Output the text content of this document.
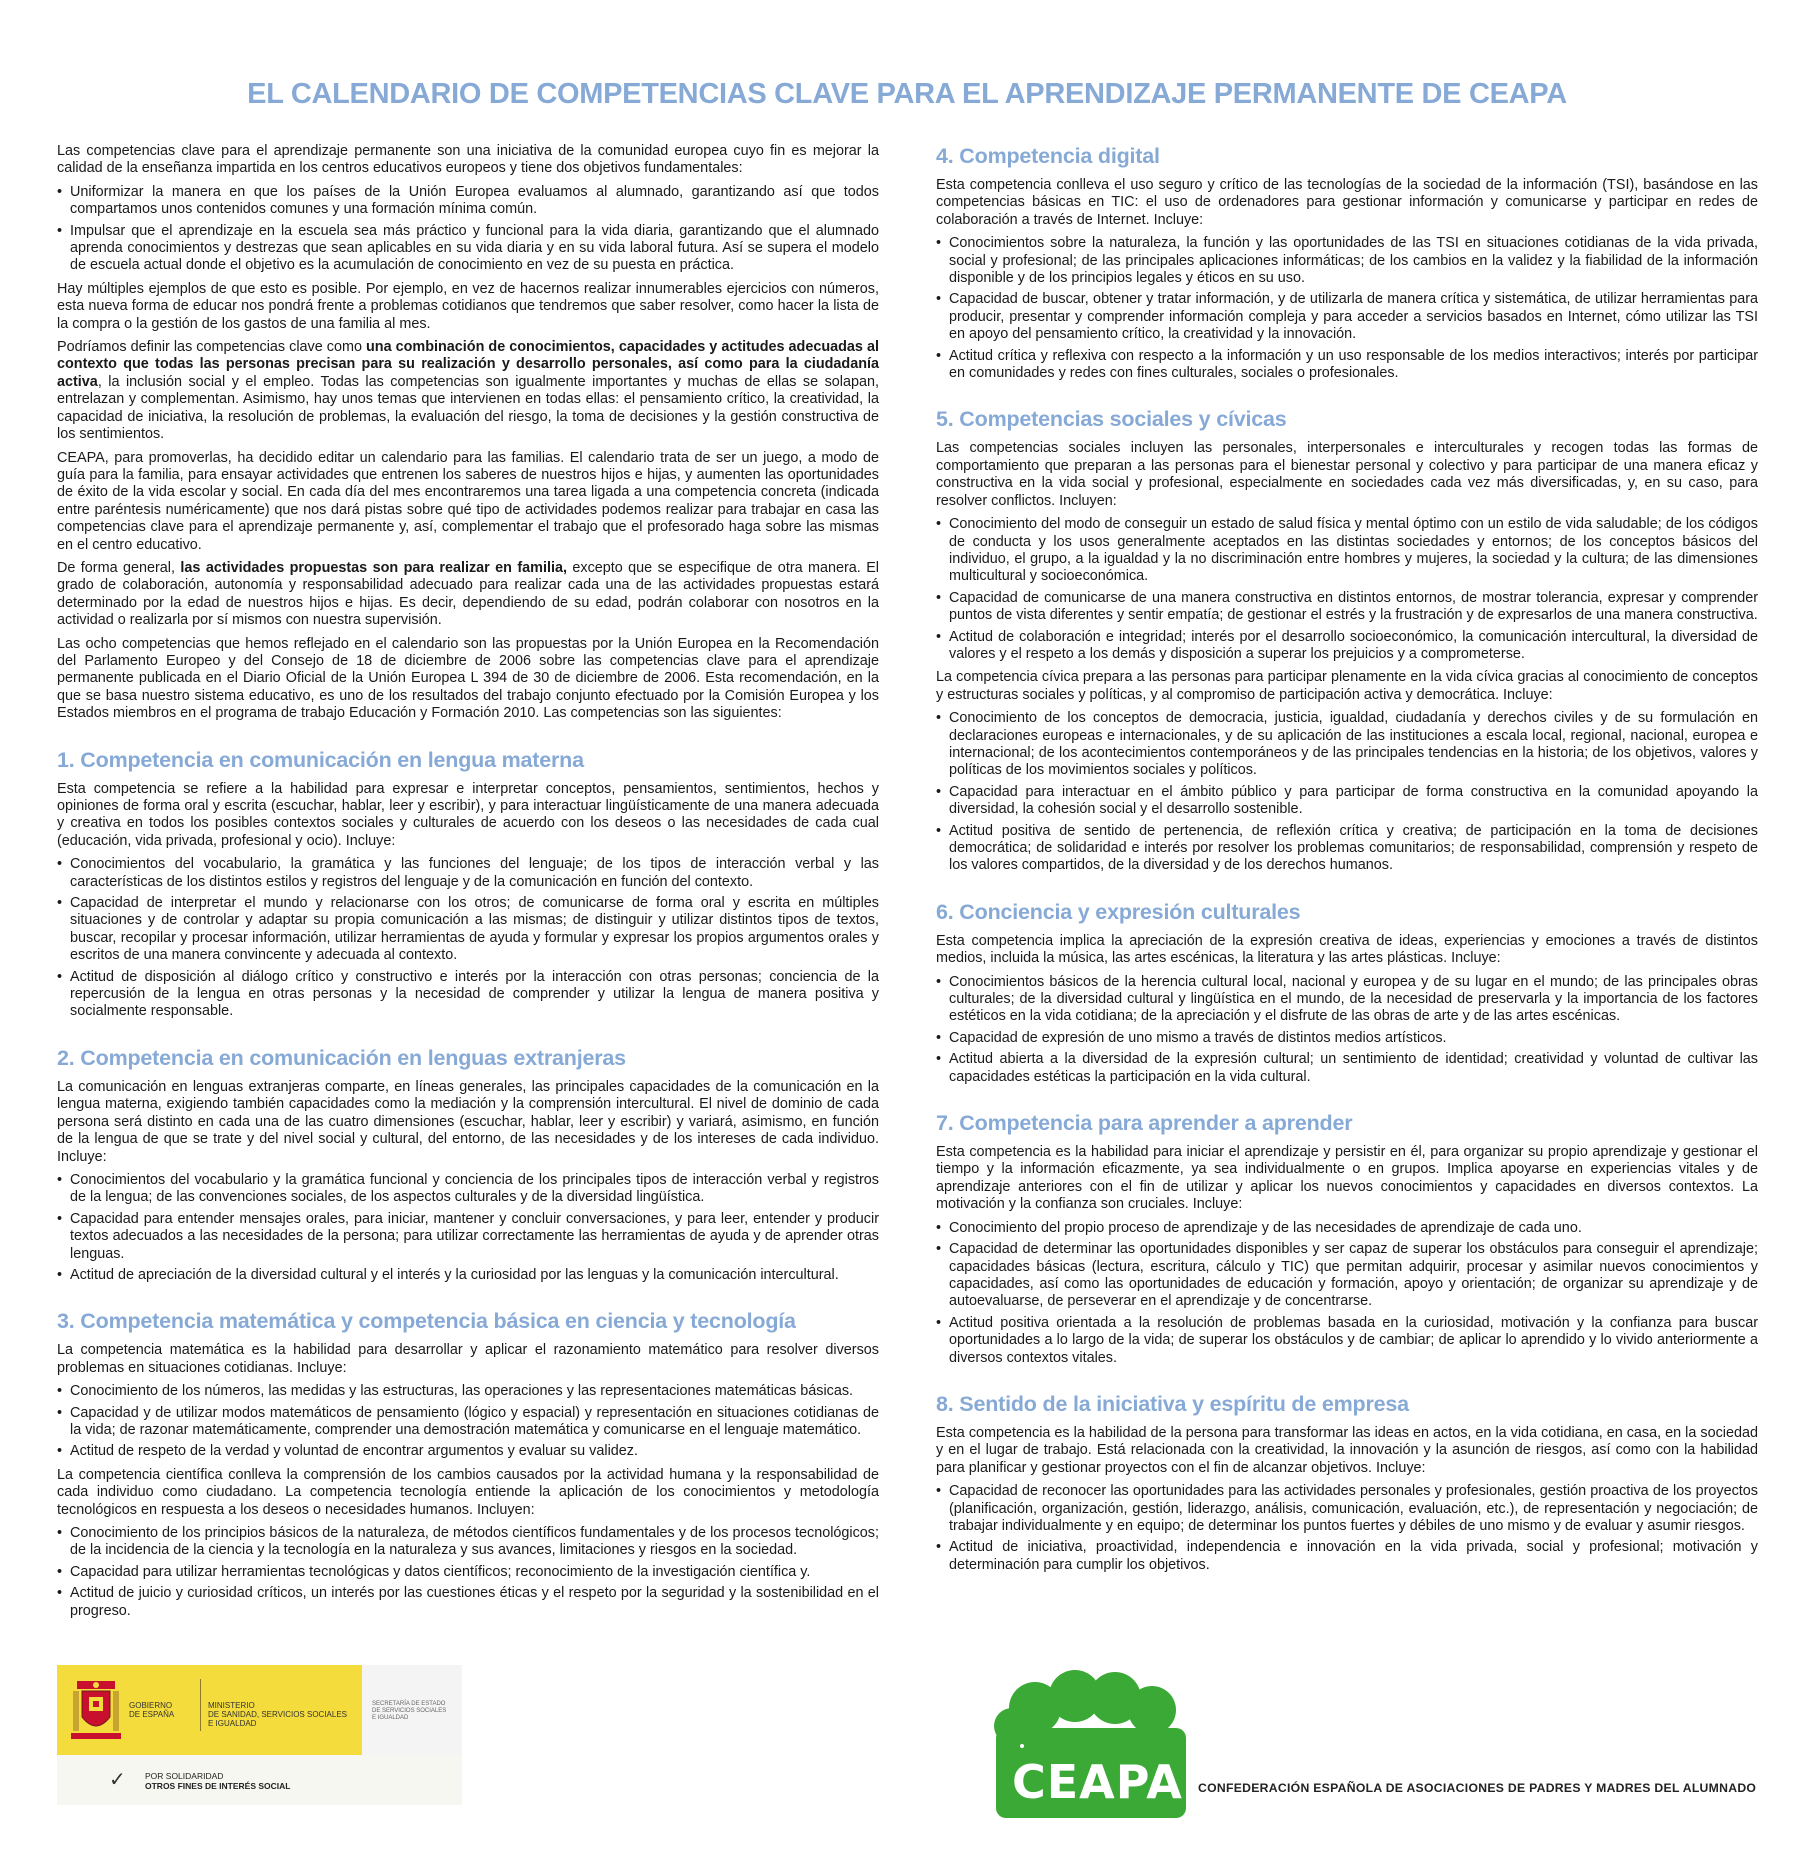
EL CALENDARIO DE COMPETENCIAS CLAVE PARA EL APRENDIZAJE PERMANENTE DE CEAPA

Las competencias clave para el aprendizaje permanente son una iniciativa de la comunidad europea cuyo fin es mejorar la calidad de la enseñanza impartida en los centros educativos europeos y tiene dos objetivos fundamentales:

• Uniformizar la manera en que los países de la Unión Europea evaluamos al alumnado, garantizando así que todos compartamos unos contenidos comunes y una formación mínima común.
• Impulsar que el aprendizaje en la escuela sea más práctico y funcional para la vida diaria, garantizando que el alumnado aprenda conocimientos y destrezas que sean aplicables en su vida diaria y en su vida laboral futura. Así se supera el modelo de escuela actual donde el objetivo es la acumulación de conocimiento en vez de su puesta en práctica.

Hay múltiples ejemplos de que esto es posible. Por ejemplo, en vez de hacernos realizar innumerables ejercicios con números, esta nueva forma de educar nos pondrá frente a problemas cotidianos que tendremos que saber resolver, como hacer la lista de la compra o la gestión de los gastos de una familia al mes.

Podríamos definir las competencias clave como una combinación de conocimientos, capacidades y actitudes adecuadas al contexto que todas las personas precisan para su realización y desarrollo personales, así como para la ciudadanía activa, la inclusión social y el empleo. Todas las competencias son igualmente importantes y muchas de ellas se solapan, entrelazan y complementan. Asimismo, hay unos temas que intervienen en todas ellas: el pensamiento crítico, la creatividad, la capacidad de iniciativa, la resolución de problemas, la evaluación del riesgo, la toma de decisiones y la gestión constructiva de los sentimientos.

CEAPA, para promoverlas, ha decidido editar un calendario para las familias. El calendario trata de ser un juego, a modo de guía para la familia, para ensayar actividades que entrenen los saberes de nuestros hijos e hijas, y aumenten las oportunidades de éxito de la vida escolar y social. En cada día del mes encontraremos una tarea ligada a una competencia concreta (indicada entre paréntesis numéricamente) que nos dará pistas sobre qué tipo de actividades podemos realizar para trabajar en casa las competencias clave para el aprendizaje permanente y, así, complementar el trabajo que el profesorado haga sobre las mismas en el centro educativo.

De forma general, las actividades propuestas son para realizar en familia, excepto que se especifique de otra manera. El grado de colaboración, autonomía y responsabilidad adecuado para realizar cada una de las actividades propuestas estará determinado por la edad de nuestros hijos e hijas. Es decir, dependiendo de su edad, podrán colaborar con nosotros en la actividad o realizarla por sí mismos con nuestra supervisión.

Las ocho competencias que hemos reflejado en el calendario son las propuestas por la Unión Europea en la Recomendación del Parlamento Europeo y del Consejo de 18 de diciembre de 2006 sobre las competencias clave para el aprendizaje permanente publicada en el Diario Oficial de la Unión Europea L 394 de 30 de diciembre de 2006. Esta recomendación, en la que se basa nuestro sistema educativo, es uno de los resultados del trabajo conjunto efectuado por la Comisión Europea y los Estados miembros en el programa de trabajo Educación y Formación 2010. Las competencias son las siguientes:

1. Competencia en comunicación en lengua materna

Esta competencia se refiere a la habilidad para expresar e interpretar conceptos, pensamientos, sentimientos, hechos y opiniones de forma oral y escrita (escuchar, hablar, leer y escribir), y para interactuar lingüísticamente de una manera adecuada y creativa en todos los posibles contextos sociales y culturales de acuerdo con los deseos o las necesidades de cada cual (educación, vida privada, profesional y ocio). Incluye:

• Conocimientos del vocabulario, la gramática y las funciones del lenguaje; de los tipos de interacción verbal y las características de los distintos estilos y registros del lenguaje y de la comunicación en función del contexto.
• Capacidad de interpretar el mundo y relacionarse con los otros; de comunicarse de forma oral y escrita en múltiples situaciones y de controlar y adaptar su propia comunicación a las mismas; de distinguir y utilizar distintos tipos de textos, buscar, recopilar y procesar información, utilizar herramientas de ayuda y formular y expresar los propios argumentos orales y escritos de una manera convincente y adecuada al contexto.
• Actitud de disposición al diálogo crítico y constructivo e interés por la interacción con otras personas; conciencia de la repercusión de la lengua en otras personas y la necesidad de comprender y utilizar la lengua de manera positiva y socialmente responsable.
2. Competencia en comunicación en lenguas extranjeras

La comunicación en lenguas extranjeras comparte, en líneas generales, las principales capacidades de la comunicación en la lengua materna, exigiendo también capacidades como la mediación y la comprensión intercultural. El nivel de dominio de cada persona será distinto en cada una de las cuatro dimensiones (escuchar, hablar, leer y escribir) y variará, asimismo, en función de la lengua de que se trate y del nivel social y cultural, del entorno, de las necesidades y de los intereses de cada individuo. Incluye:

• Conocimientos del vocabulario y la gramática funcional y conciencia de los principales tipos de interacción verbal y registros de la lengua; de las convenciones sociales, de los aspectos culturales y de la diversidad lingüística.
• Capacidad para entender mensajes orales, para iniciar, mantener y concluir conversaciones, y para leer, entender y producir textos adecuados a las necesidades de la persona; para utilizar correctamente las herramientas de ayuda y de aprender otras lenguas.
• Actitud de apreciación de la diversidad cultural y el interés y la curiosidad por las lenguas y la comunicación intercultural.
3. Competencia matemática y competencia básica en ciencia y tecnología

La competencia matemática es la habilidad para desarrollar y aplicar el razonamiento matemático para resolver diversos problemas en situaciones cotidianas. Incluye:

• Conocimiento de los números, las medidas y las estructuras, las operaciones y las representaciones matemáticas básicas.
• Capacidad y de utilizar modos matemáticos de pensamiento (lógico y espacial) y representación en situaciones cotidianas de la vida; de razonar matemáticamente, comprender una demostración matemática y comunicarse en el lenguaje matemático.
• Actitud de respeto de la verdad y voluntad de encontrar argumentos y evaluar su validez.

La competencia científica conlleva la comprensión de los cambios causados por la actividad humana y la responsabilidad de cada individuo como ciudadano. La competencia tecnología entiende la aplicación de los conocimientos y metodología tecnológicos en respuesta a los deseos o necesidades humanos. Incluyen:

• Conocimiento de los principios básicos de la naturaleza, de métodos científicos fundamentales y de los procesos tecnológicos; de la incidencia de la ciencia y la tecnología en la naturaleza y sus avances, limitaciones y riesgos en la sociedad.
• Capacidad para utilizar herramientas tecnológicas y datos científicos; reconocimiento de la investigación científica y.
• Actitud de juicio y curiosidad críticos, un interés por las cuestiones éticas y el respeto por la seguridad y la sostenibilidad en el progreso.
4. Competencia digital

Esta competencia conlleva el uso seguro y crítico de las tecnologías de la sociedad de la información (TSI), basándose en las competencias básicas en TIC: el uso de ordenadores para gestionar información y comunicarse y participar en redes de colaboración a través de Internet. Incluye:

• Conocimientos sobre la naturaleza, la función y las oportunidades de las TSI en situaciones cotidianas de la vida privada, social y profesional; de las principales aplicaciones informáticas; de los cambios en la validez y la fiabilidad de la información disponible y de los principios legales y éticos en su uso.
• Capacidad de buscar, obtener y tratar información, y de utilizarla de manera crítica y sistemática, de utilizar herramientas para producir, presentar y comprender información compleja y para acceder a servicios basados en Internet, cómo utilizar las TSI en apoyo del pensamiento crítico, la creatividad y la innovación.
• Actitud crítica y reflexiva con respecto a la información y un uso responsable de los medios interactivos; interés por participar en comunidades y redes con fines culturales, sociales o profesionales.
5. Competencias sociales y cívicas

Las competencias sociales incluyen las personales, interpersonales e interculturales y recogen todas las formas de comportamiento que preparan a las personas para el bienestar personal y colectivo y para participar de una manera eficaz y constructiva en la vida social y profesional, especialmente en sociedades cada vez más diversificadas, y, en su caso, para resolver conflictos. Incluyen:

• Conocimiento del modo de conseguir un estado de salud física y mental óptimo con un estilo de vida saludable; de los códigos de conducta y los usos generalmente aceptados en las distintas sociedades y entornos; de los conceptos básicos del individuo, el grupo, a la igualdad y la no discriminación entre hombres y mujeres, la sociedad y la cultura; de las dimensiones multicultural y socioeconómica.
• Capacidad de comunicarse de una manera constructiva en distintos entornos, de mostrar tolerancia, expresar y comprender puntos de vista diferentes y sentir empatía; de gestionar el estrés y la frustración y de expresarlos de una manera constructiva.
• Actitud de colaboración e integridad; interés por el desarrollo socioeconómico, la comunicación intercultural, la diversidad de valores y el respeto a los demás y disposición a superar los prejuicios y a comprometerse.

La competencia cívica prepara a las personas para participar plenamente en la vida cívica gracias al conocimiento de conceptos y estructuras sociales y políticas, y al compromiso de participación activa y democrática. Incluye:

• Conocimiento de los conceptos de democracia, justicia, igualdad, ciudadanía y derechos civiles y de su formulación en declaraciones europeas e internacionales, y de su aplicación de las instituciones a escala local, regional, nacional, europea e internacional; de los acontecimientos contemporáneos y de las principales tendencias en la historia; de los objetivos, valores y políticas de los movimientos sociales y políticos.
• Capacidad para interactuar en el ámbito público y para participar de forma constructiva en la comunidad apoyando la diversidad, la cohesión social y el desarrollo sostenible.
• Actitud positiva de sentido de pertenencia, de reflexión crítica y creativa; de participación en la toma de decisiones democrática; de solidaridad e interés por resolver los problemas comunitarios; de responsabilidad, comprensión y respeto de los valores compartidos, de la diversidad y de los derechos humanos.
6. Conciencia y expresión culturales

Esta competencia implica la apreciación de la expresión creativa de ideas, experiencias y emociones a través de distintos medios, incluida la música, las artes escénicas, la literatura y las artes plásticas. Incluye:

• Conocimientos básicos de la herencia cultural local, nacional y europea y de su lugar en el mundo; de las principales obras culturales; de la diversidad cultural y lingüística en el mundo, de la necesidad de preservarla y la importancia de los factores estéticos en la vida cotidiana; de la apreciación y el disfrute de las obras de arte y de las artes escénicas.
• Capacidad de expresión de uno mismo a través de distintos medios artísticos.
• Actitud abierta a la diversidad de la expresión cultural; un sentimiento de identidad; creatividad y voluntad de cultivar las capacidades estéticas la participación en la vida cultural.
7. Competencia para aprender a aprender

Esta competencia es la habilidad para iniciar el aprendizaje y persistir en él, para organizar su propio aprendizaje y gestionar el tiempo y la información eficazmente, ya sea individualmente o en grupos. Implica apoyarse en experiencias vitales y de aprendizaje anteriores con el fin de utilizar y aplicar los nuevos conocimientos y capacidades en diversos contextos. La motivación y la confianza son cruciales. Incluye:

• Conocimiento del propio proceso de aprendizaje y de las necesidades de aprendizaje de cada uno.
• Capacidad de determinar las oportunidades disponibles y ser capaz de superar los obstáculos para conseguir el aprendizaje; capacidades básicas (lectura, escritura, cálculo y TIC) que permitan adquirir, procesar y asimilar nuevos conocimientos y capacidades, así como las oportunidades de educación y formación, apoyo y orientación; de organizar su aprendizaje y de autoevaluarse, de perseverar en el aprendizaje y de concentrarse.
• Actitud positiva orientada a la resolución de problemas basada en la curiosidad, motivación y la confianza para buscar oportunidades a lo largo de la vida; de superar los obstáculos y de cambiar; de aplicar lo aprendido y lo vivido anteriormente a diversos contextos vitales.
8. Sentido de la iniciativa y espíritu de empresa

Esta competencia es la habilidad de la persona para transformar las ideas en actos, en la vida cotidiana, en casa, en la sociedad y en el lugar de trabajo. Está relacionada con la creatividad, la innovación y la asunción de riesgos, así como con la habilidad para planificar y gestionar proyectos con el fin de alcanzar objetivos. Incluye:

• Capacidad de reconocer las oportunidades para las actividades personales y profesionales, gestión proactiva de los proyectos (planificación, organización, gestión, liderazgo, análisis, comunicación, evaluación, etc.), de representación y negociación; de trabajar individualmente y en equipo; de determinar los puntos fuertes y débiles de uno mismo y de evaluar y asumir riesgos.
• Actitud de iniciativa, proactividad, independencia e innovación en la vida privada, social y profesional; motivación y determinación para cumplir los objetivos.
GOBIERNO
DE ESPAÑA
MINISTERIO
DE SANIDAD, SERVICIOS SOCIALES
E IGUALDAD
SECRETARÍA DE ESTADO
DE SERVICIOS SOCIALES
E IGUALDAD
✓ POR SOLIDARIDAD
OTROS FINES DE INTERÉS SOCIAL	CEAPA CONFEDERACIÓN ESPAÑOLA DE ASOCIACIONES DE PADRES Y MADRES DEL ALUMNADO
